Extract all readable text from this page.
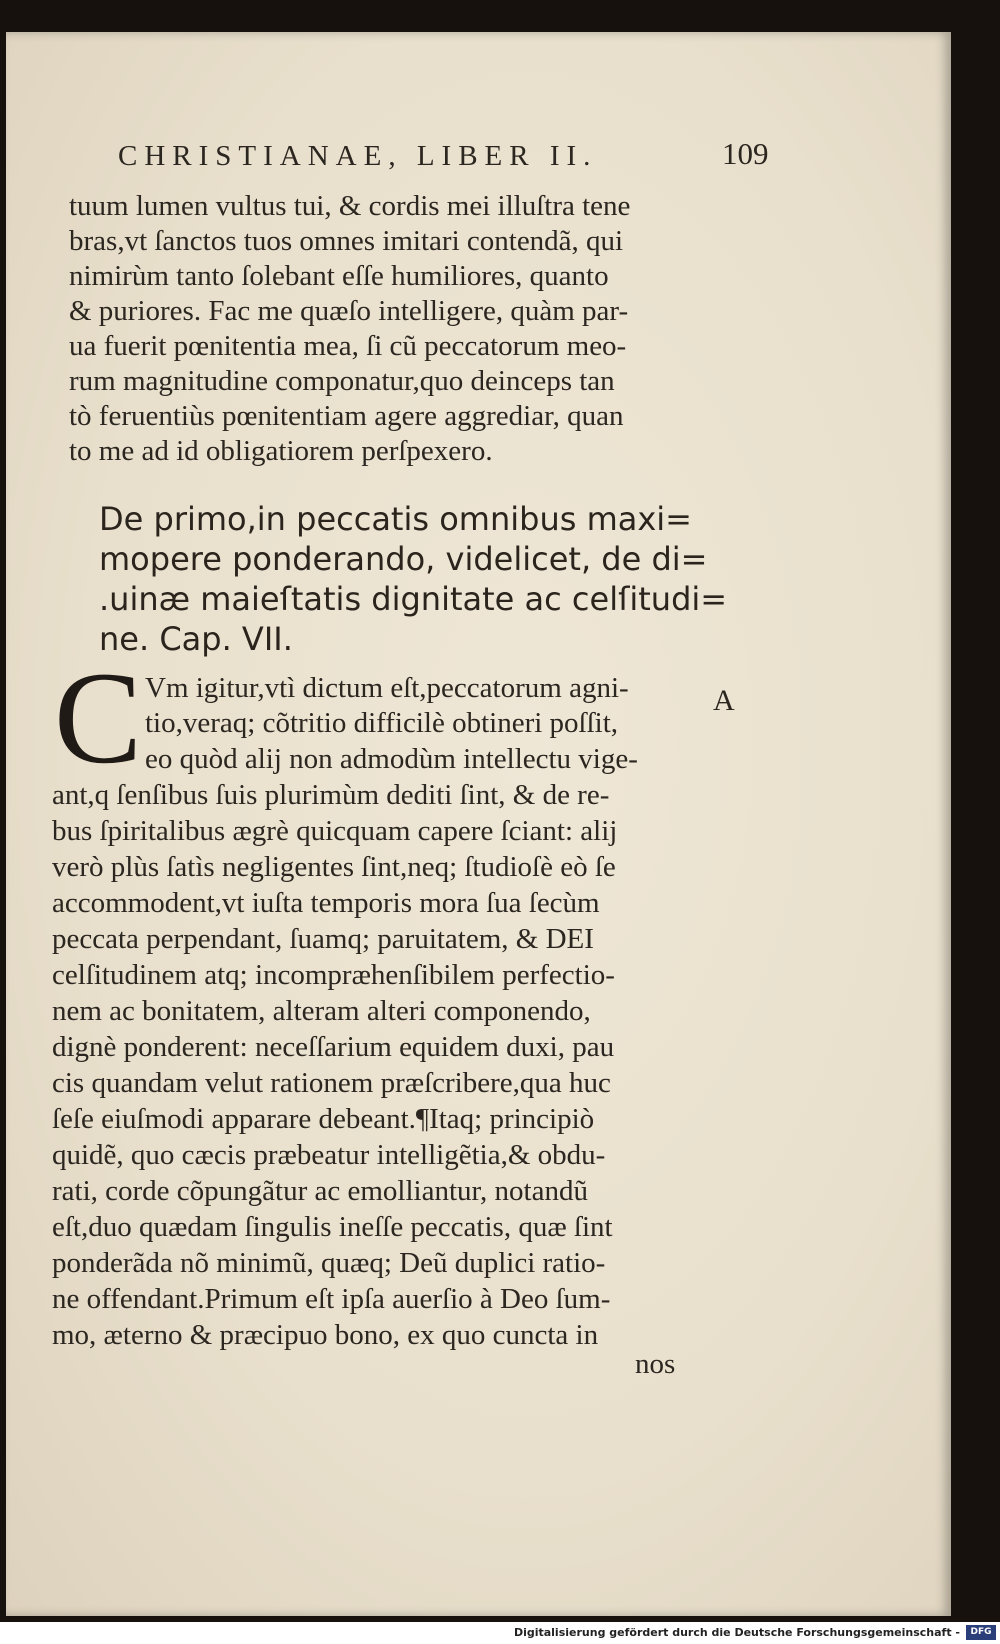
CHRISTIANAE, LIBER II.	109
tuum lumen vultus tui, & cordis mei illuſtra tene
bras,vt ſanctos tuos omnes imitari contendã, qui
nimirùm tanto ſolebant eſſe humiliores, quanto
& puriores. Fac me quæſo intelligere, quàm par-
ua fuerit pœnitentia mea, ſi cũ peccatorum meo-
rum magnitudine componatur,quo deinceps tan
tò feruentiùs pœnitentiam agere aggrediar, quan
to me ad id obligatiorem perſpexero.
De primo,in peccatis omnibus maxi=
mopere ponderando, videlicet, de di=
.uinæ maieſtatis dignitate ac celſitudi=
ne. Cap. VII.
C	A
Vm igitur,vtì dictum eſt,peccatorum agni-
tio,veraq; cõtritio difficilè obtineri poſſit,
eo quòd alij non admodùm intellectu vige-
ant,q ſenſibus ſuis plurimùm dediti ſint, & de re-
bus ſpiritalibus ægrè quicquam capere ſciant: alij
verò plùs ſatìs negligentes ſint,neq; ſtudioſè eò ſe
accommodent,vt iuſta temporis mora ſua ſecùm
peccata perpendant, ſuamq; paruitatem, & DEI
celſitudinem atq; incompræhenſibilem perfectio-
nem ac bonitatem, alteram alteri componendo,
dignè ponderent: neceſſarium equidem duxi, pau
cis quandam velut rationem præſcribere,qua huc
ſeſe eiuſmodi apparare debeant.¶Itaq; principiò
quidẽ, quo cæcis præbeatur intelligẽtia,& obdu-
rati, corde cõpungãtur ac emolliantur, notandũ
eſt,duo quædam ſingulis ineſſe peccatis, quæ ſint
ponderãda nõ minimũ, quæq; Deũ duplici ratio-
ne offendant.Primum eſt ipſa auerſio à Deo ſum-
mo, æterno & præcipuo bono, ex quo cuncta in
nos
Digitalisierung gefördert durch die Deutsche Forschungsgemeinschaft -	DFG
